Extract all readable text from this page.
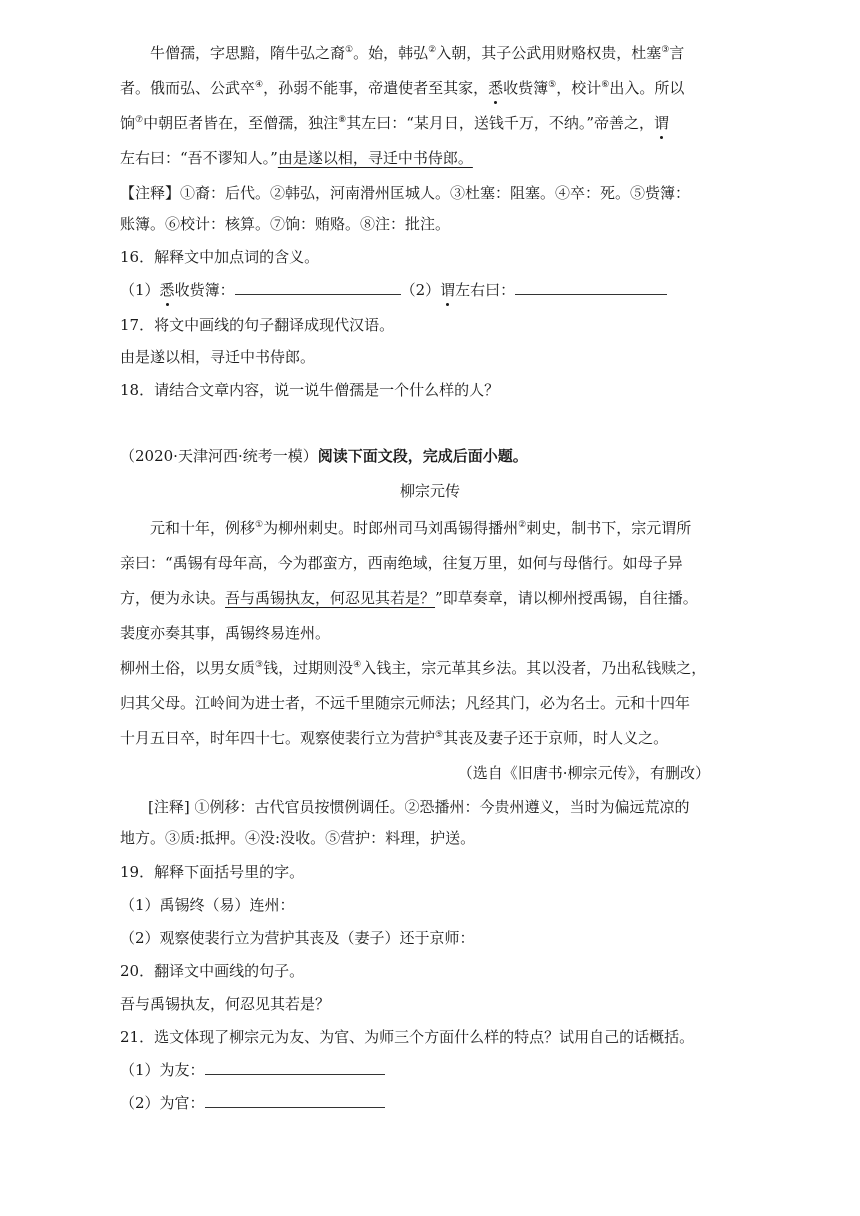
牛僧孺，字思黯，隋牛弘之裔①。始，韩弘②入朝，其子公武用财赂权贵，杜塞③言
者。俄而弘、公武卒④，孙弱不能事，帝遣使者至其家，悉收赀簿⑤，校计⑥出入。所以
饷⑦中朝臣者皆在，至僧孺，独注⑧其左曰：“某月日，送钱千万，不纳。”帝善之，谓
左右曰：“吾不谬知人。”由是遂以相，寻迁中书侍郎。
【注释】①裔：后代。②韩弘，河南滑州匡城人。③杜塞：阻塞。④卒：死。⑤赀簿：
账簿。⑥校计：核算。⑦饷：贿赂。⑧注：批注。
16．解释文中加点词的含义。
（1）悉收赀簿：	（2）谓左右曰：
17．将文中画线的句子翻译成现代汉语。
由是遂以相，寻迁中书侍郎。
18．请结合文章内容，说一说牛僧孺是一个什么样的人？
（2020·天津河西·统考一模）阅读下面文段，完成后面小题。
柳宗元传
元和十年，例移①为柳州刺史。时郎州司马刘禹锡得播州②刺史，制书下，宗元谓所
亲曰：“禹锡有母年高，今为郡蛮方，西南绝域，往复万里，如何与母偕行。如母子异
方，便为永诀。吾与禹锡执友，何忍见其若是？”即草奏章，请以柳州授禹锡，自往播。
裴度亦奏其事，禹锡终易连州。
柳州土俗，以男女质③钱，过期则没④入钱主，宗元革其乡法。其以没者，乃出私钱赎之，
归其父母。江岭间为进士者，不远千里随宗元师法；凡经其门，必为名士。元和十四年
十月五日卒，时年四十七。观察使裴行立为营护⑤其丧及妻子还于京师，时人义之。
（选自《旧唐书·柳宗元传》，有删改）
[注释] ①例移：古代官员按惯例调任。②恐播州：今贵州遵义，当时为偏远荒凉的
地方。③质:抵押。④没:没收。⑤营护：料理，护送。
19．解释下面括号里的字。
（1）禹锡终（易）连州：
（2）观察使裴行立为营护其丧及（妻子）还于京师：
20．翻译文中画线的句子。
吾与禹锡执友，何忍见其若是？
21．选文体现了柳宗元为友、为官、为师三个方面什么样的特点？试用自己的话概括。
（1）为友：
（2）为官：
